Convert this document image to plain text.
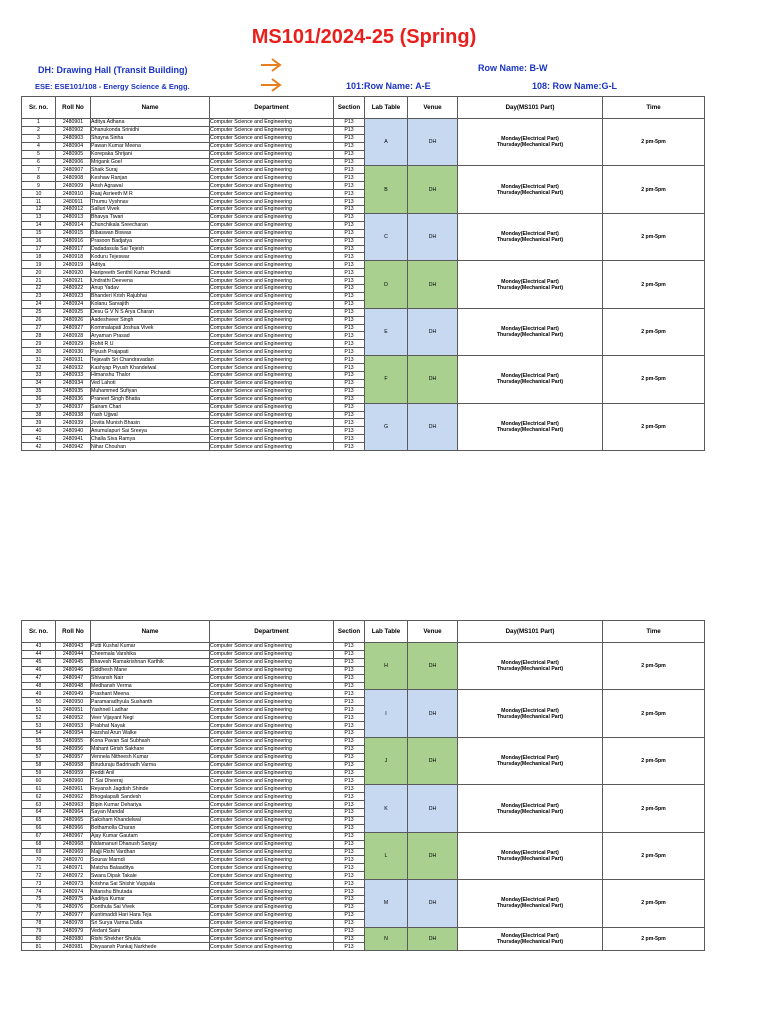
MS101/2024-25 (Spring)
DH: Drawing Hall (Transit Building)
ESE: ESE101/108 - Energy Science & Engg.
Row Name: B-W
101:Row Name: A-E	108: Row Name:G-L
Sr. no.	Roll No	Name	Department	Section	Lab Table	Venue	Day(MS101 Part)	Time
1	2480901	Aditya Adhana	Computer Science and Engineering	P13	A	DH	Monday(Electrical Part)
Thursday(Mechanical Part)	2 pm-5pm
2	2480902	Dhanukonda Srinidhi	Computer Science and Engineering	P13				
3	2480903	Shayna Sinha	Computer Science and Engineering	P13				
4	2480904	Pawan Kumar Meena	Computer Science and Engineering	P13				
5	2480905	Korepaka Shrijani	Computer Science and Engineering	P13				
6	2480906	Mrigank Goel	Computer Science and Engineering	P13				
7	2480907	Shaik Suraj	Computer Science and Engineering	P13	B	DH	Monday(Electrical Part)
Thursday(Mechanical Part)	2 pm-5pm
8	2480908	Keshaw Ranjan	Computer Science and Engineering	P13				
9	2480909	Ansh Agrawal	Computer Science and Engineering	P13				
10	2480910	Raaj Asrieeth M R	Computer Science and Engineering	P13				
11	2480911	Thumu Vyshnav	Computer Science and Engineering	P13				
12	2480912	Salluri Vivek	Computer Science and Engineering	P13				
13	2480913	Bhavya Tiwari	Computer Science and Engineering	P13	C	DH	Monday(Electrical Part)
Thursday(Mechanical Part)	2 pm-5pm
14	2480914	Chunchikala Sreecharan	Computer Science and Engineering	P13				
15	2480915	Bibaswan Biswas	Computer Science and Engineering	P13				
16	2480916	Prasoon Badjatya	Computer Science and Engineering	P13				
17	2480917	Dadadasula Sai Tejesh	Computer Science and Engineering	P13				
18	2480918	Koduru Tejeswar	Computer Science and Engineering	P13				
19	2480919	Aditya	Computer Science and Engineering	P13	D	DH	Monday(Electrical Part)
Thursday(Mechanical Part)	2 pm-5pm
20	2480920	Haripreeth Senthil Kumar Pichandi	Computer Science and Engineering	P13				
21	2480921	Undrathi Deevena	Computer Science and Engineering	P13				
22	2480922	Anup Yadav	Computer Science and Engineering	P13				
23	2480923	Bhanderi Krish Rajubhai	Computer Science and Engineering	P13				
24	2480924	Kolanu Sarvajith	Computer Science and Engineering	P13				
25	2480925	Desu G V N S Arya Charan	Computer Science and Engineering	P13	E	DH	Monday(Electrical Part)
Thursday(Mechanical Part)	2 pm-5pm
26	2480926	Aadeshveer Singh	Computer Science and Engineering	P13				
27	2480927	Kommalapati Joshua Vivek	Computer Science and Engineering	P13				
28	2480928	Aryaman Prasad	Computer Science and Engineering	P13				
29	2480929	Rohit R U	Computer Science and Engineering	P13				
30	2480930	Piyush Prajapati	Computer Science and Engineering	P13				
31	2480931	Tejavath Sri Chandravadan	Computer Science and Engineering	P13	F	DH	Monday(Electrical Part)
Thursday(Mechanical Part)	2 pm-5pm
32	2480932	Kashyap Piyush Khandelwal	Computer Science and Engineering	P13				
33	2480933	Himanshu Thalor	Computer Science and Engineering	P13				
34	2480934	Ved Lahoti	Computer Science and Engineering	P13				
35	2480935	Muhammed Sufiyan	Computer Science and Engineering	P13				
36	2480936	Praneet Singh Bhatia	Computer Science and Engineering	P13				
37	2480937	Sairam Chari	Computer Science and Engineering	P13	G	DH	Monday(Electrical Part)
Thursday(Mechanical Part)	2 pm-5pm
38	2480938	Yash Ujjwal	Computer Science and Engineering	P13				
39	2480939	Jovita Munish Bhasin	Computer Science and Engineering	P13				
40	2480940	Anumulapuri Sai Sreeya	Computer Science and Engineering	P13				
41	2480941	Challa Siva Ramya	Computer Science and Engineering	P13				
42	2480942	Nihar Chouhan	Computer Science and Engineering	P13				
Sr. no.	Roll No	Name	Department	Section	Lab Table	Venue	Day(MS101 Part)	Time
43	2480943	Putti Kushal Kumar	Computer Science and Engineering	P13	H	DH	Monday(Electrical Part)
Thursday(Mechanical Part)	2 pm-5pm
44	2480944	Cheemala Varshika	Computer Science and Engineering	P13				
45	2480945	Bhavesh Ramakrishnan Karthik	Computer Science and Engineering	P13				
46	2480946	Siddhesh Mane	Computer Science and Engineering	P13				
47	2480947	Shivansh Nair	Computer Science and Engineering	P13				
48	2480948	Medhansh Verma	Computer Science and Engineering	P13				
49	2480949	Prashant Meena	Computer Science and Engineering	P13	I	DH	Monday(Electrical Part)
Thursday(Mechanical Part)	2 pm-5pm
50	2480950	Paramaradhyula Sushanth	Computer Science and Engineering	P13				
51	2480951	Yashneil Ladhar	Computer Science and Engineering	P13				
52	2480952	Veer Vijayant Negi	Computer Science and Engineering	P13				
53	2480953	Prabhat Nayak	Computer Science and Engineering	P13				
54	2480954	Harshal Arun Walke	Computer Science and Engineering	P13				
55	2480955	Kona Pavan Sai Subhash	Computer Science and Engineering	P13	J	DH	Monday(Electrical Part)
Thursday(Mechanical Part)	2 pm-5pm
56	2480956	Mahant Girish Sakhare	Computer Science and Engineering	P13				
57	2480957	Vennela Nitheesh Kumar	Computer Science and Engineering	P13				
58	2480958	Biruduraju Badrinadh Varma	Computer Science and Engineering	P13				
59	2480959	Reddi Anil	Computer Science and Engineering	P13				
60	2480960	T Sai Dheeraj	Computer Science and Engineering	P13				
61	2480961	Reyansh Jagdish Shinde	Computer Science and Engineering	P13	K	DH	Monday(Electrical Part)
Thursday(Mechanical Part)	2 pm-5pm
62	2480962	Bhogalapalli Sandesh	Computer Science and Engineering	P13				
63	2480963	Bipin Kumar Dehariya	Computer Science and Engineering	P13				
64	2480964	Sayan Mandal	Computer Science and Engineering	P13				
65	2480965	Saksham Khandelwal	Computer Science and Engineering	P13				
66	2480966	Bothamolla Charan	Computer Science and Engineering	P13				
67	2480967	Ajay Kumar Gautam	Computer Science and Engineering	P13	L	DH	Monday(Electrical Part)
Thursday(Mechanical Part)	2 pm-5pm
68	2480968	Nidamanuri Dhanush Sanjay	Computer Science and Engineering	P13				
69	2480969	Majji Rishi Vardhan	Computer Science and Engineering	P13				
70	2480970	Sourav Marndi	Computer Science and Engineering	P13				
71	2480971	Matcha Balaaditya	Computer Science and Engineering	P13				
72	2480972	Swara Dipak Takale	Computer Science and Engineering	P13				
73	2480973	Krishna Sai Shishir Vuppala	Computer Science and Engineering	P13	M	DH	Monday(Electrical Part)
Thursday(Mechanical Part)	2 pm-5pm
74	2480974	Nitanshu Bhutada	Computer Science and Engineering	P13				
75	2480975	Aaditya Kumar	Computer Science and Engineering	P13				
76	2480976	Donthula Sai Vivek	Computer Science and Engineering	P13				
77	2480977	Kuntimaddi Hari Hara Teja	Computer Science and Engineering	P13				
78	2480978	Sri Surya Varma Datla	Computer Science and Engineering	P13				
79	2480979	Vedant Saini	Computer Science and Engineering	P13	N	DH	Monday(Electrical Part)
Thursday(Mechanical Part)	2 pm-5pm
80	2480980	Rishi Shekher Shukla	Computer Science and Engineering	P13				
81	2480981	Divyaansh Pankaj Narkhede	Computer Science and Engineering	P13				
